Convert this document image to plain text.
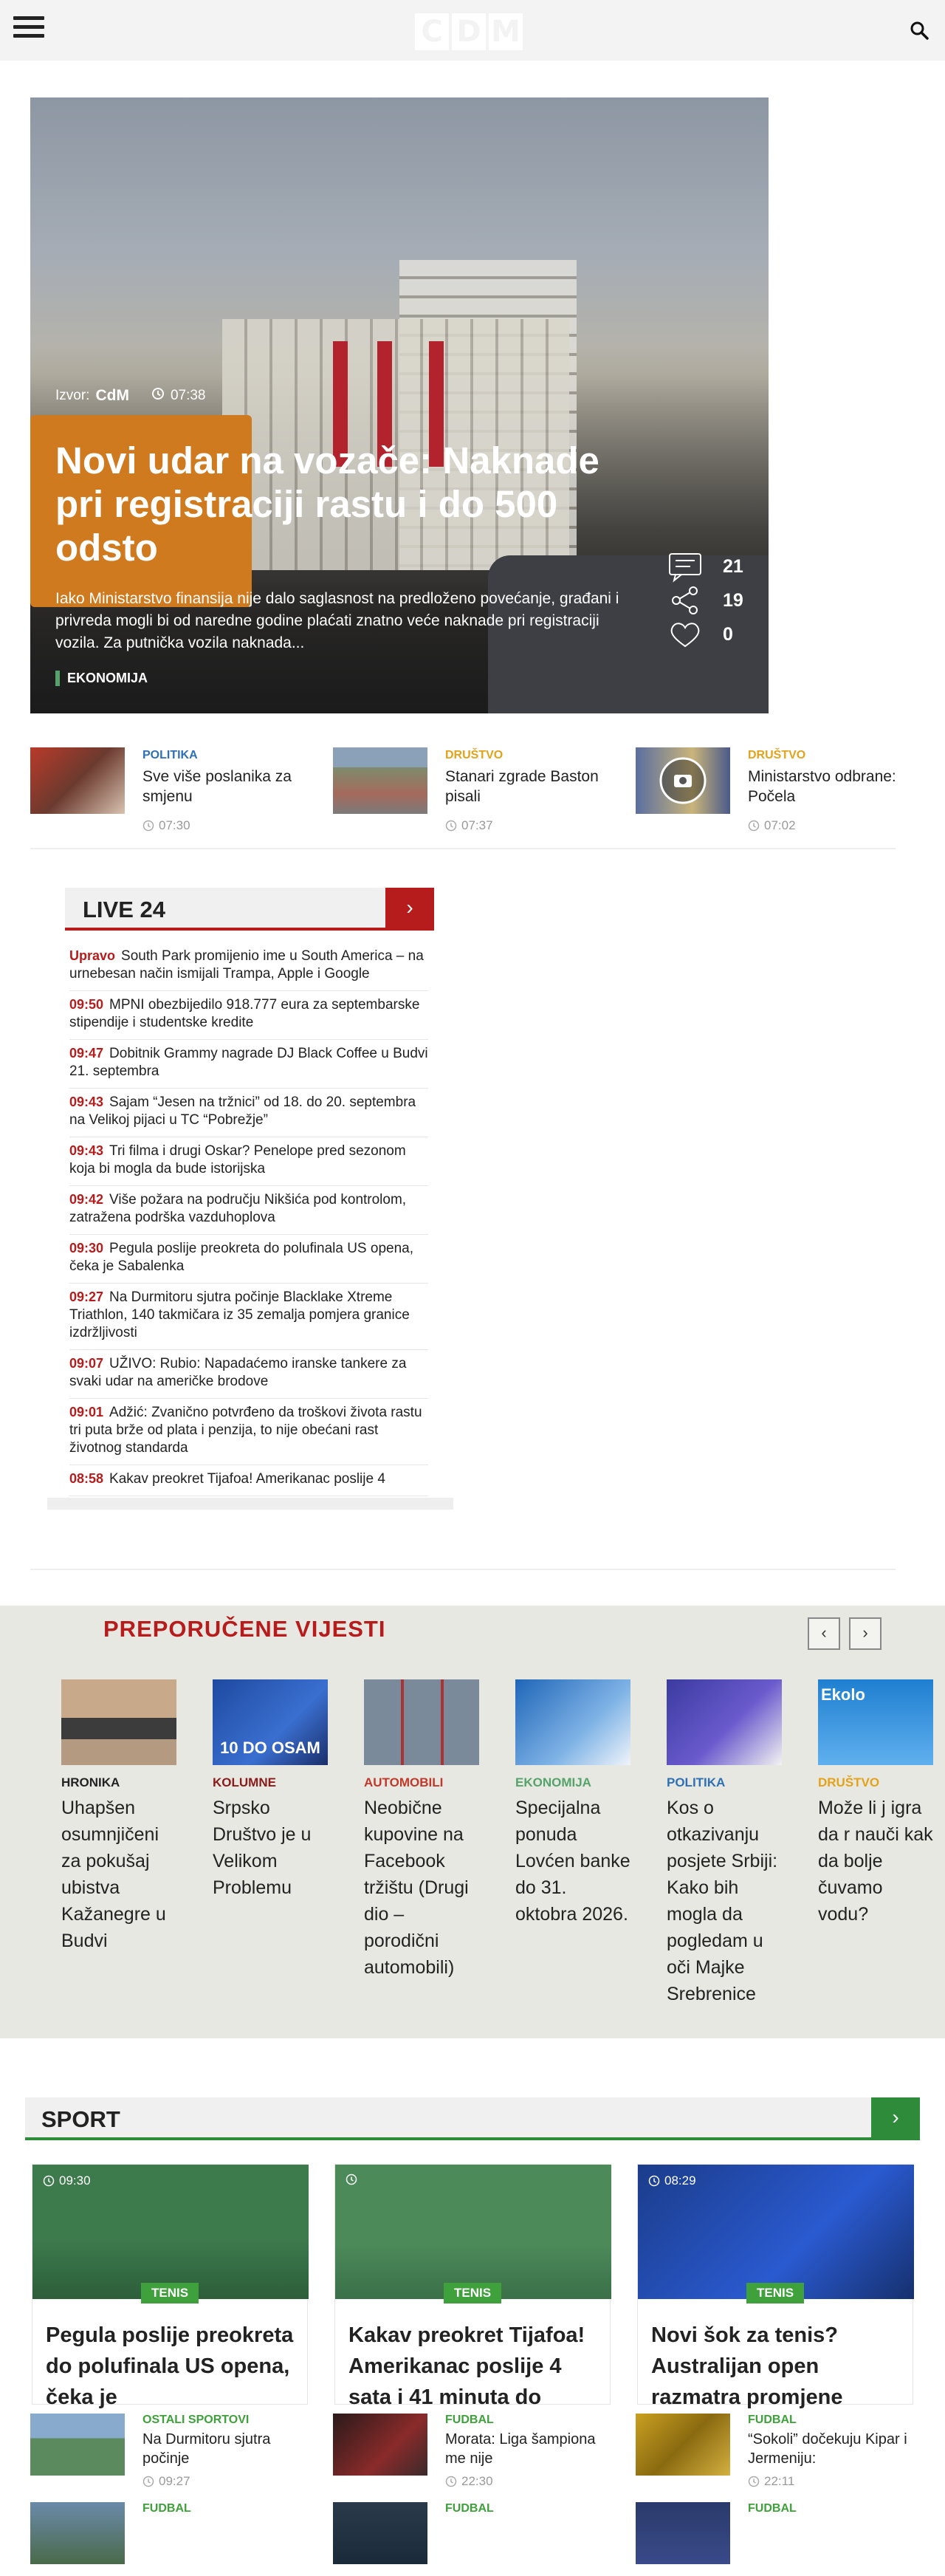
C D M
Izvor: CdM	07:38
Novi udar na vozače: Naknade pri registraciji rastu i do 500 odsto
Iako Ministarstvo finansija nije dalo saglasnost na predloženo povećanje, građani i privreda mogli bi od naredne godine plaćati znatno veće naknade pri registraciji vozila. Za putnička vozila naknada...
EKONOMIJA
21
19
0
POLITIKA
Sve više poslanika za smjenu
07:30
DRUŠTVO
Stanari zgrade Baston pisali
07:37
DRUŠTVO
Ministarstvo odbrane: Počela
07:02
LIVE 24	›
Upravo South Park promijenio ime u South America – na urnebesan način ismijali Trampa, Apple i Google
09:50 MPNI obezbijedilo 918.777 eura za septembarske stipendije i studentske kredite
09:47 Dobitnik Grammy nagrade DJ Black Coffee u Budvi 21. septembra
09:43 Sajam “Jesen na tržnici” od 18. do 20. septembra na Velikoj pijaci u TC “Pobrežje”
09:43 Tri filma i drugi Oskar? Penelope pred sezonom koja bi mogla da bude istorijska
09:42 Više požara na području Nikšića pod kontrolom, zatražena podrška vazduhoplova
09:30 Pegula poslije preokreta do polufinala US opena, čeka je Sabalenka
09:27 Na Durmitoru sjutra počinje Blacklake Xtreme Triathlon, 140 takmičara iz 35 zemalja pomjera granice izdržljivosti
09:07 UŽIVO: Rubio: Napadaćemo iranske tankere za svaki udar na američke brodove
09:01 Adžić: Zvanično potvrđeno da troškovi života rastu tri puta brže od plata i penzija, to nije obećani rast životnog standarda
08:58 Kakav preokret Tijafoa! Amerikanac poslije 4
PREPORUČENE VIJESTI	‹	›
HRONIKA
Uhapšen osumnjičeni za pokušaj ubistva Kažanegre u Budvi
10 DO OSAM
KOLUMNE
Srpsko Društvo je u Velikom Problemu
AUTOMOBILI
Neobične kupovine na Facebook tržištu (Drugi dio – porodični automobili)
EKONOMIJA
Specijalna ponuda Lovćen banke do 31. oktobra 2026.
POLITIKA
Kos o otkazivanju posjete Srbiji: Kako bih mogla da pogledam u oči Majke Srebrenice
Ekolo
DRUŠTVO
Može li j igra da r nauči kak da bolje čuvamo vodu?
SPORT	›
09:30
TENIS
Pegula poslije preokreta do polufinala US opena, čeka je
TENIS
Kakav preokret Tijafoa! Amerikanac poslije 4 sata i 41 minuta do
08:29
TENIS
Novi šok za tenis? Australijan open razmatra promjene
OSTALI SPORTOVI
Na Durmitoru sjutra počinje
09:27
FUDBAL
Morata: Liga šampiona me nije
22:30
FUDBAL
“Sokoli” dočekuju Kipar i Jermeniju:
22:11
FUDBAL	FUDBAL	FUDBAL
